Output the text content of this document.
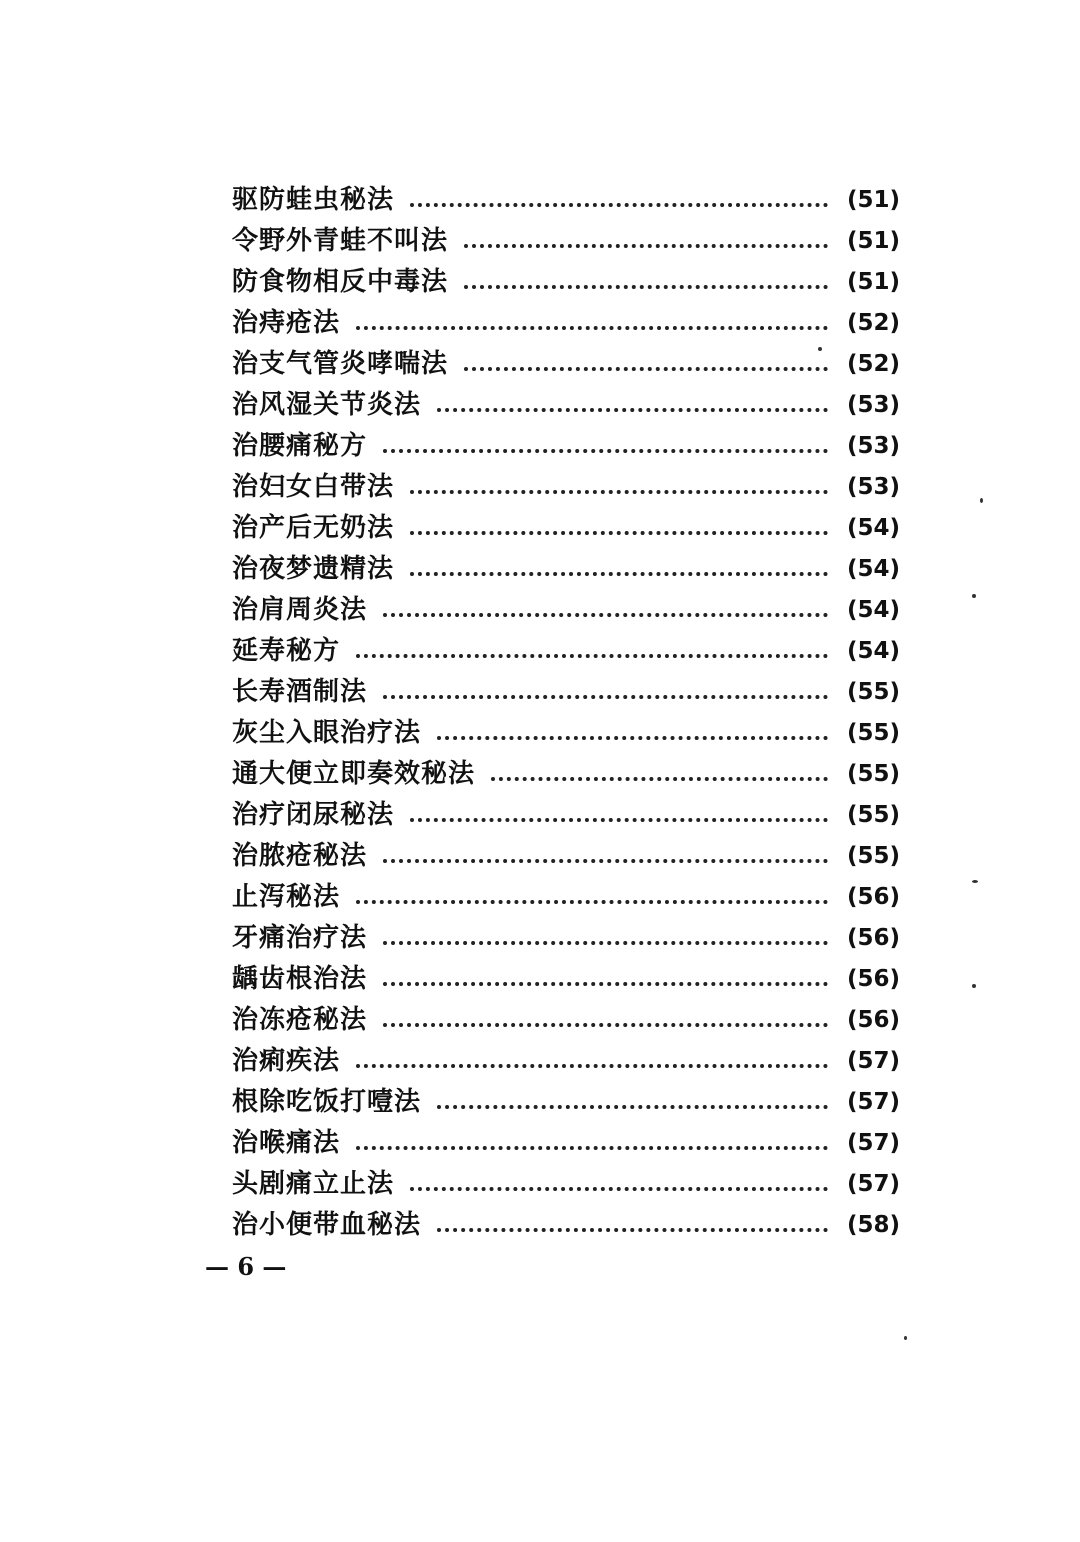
驱防蛙虫秘法	(51)
令野外青蛙不叫法	(51)
防食物相反中毒法	(51)
治痔疮法	(52)
治支气管炎哮喘法	(52)
治风湿关节炎法	(53)
治腰痛秘方	(53)
治妇女白带法	(53)
治产后无奶法	(54)
治夜梦遗精法	(54)
治肩周炎法	(54)
延寿秘方	(54)
长寿酒制法	(55)
灰尘入眼治疗法	(55)
通大便立即奏效秘法	(55)
治疗闭尿秘法	(55)
治脓疮秘法	(55)
止泻秘法	(56)
牙痛治疗法	(56)
龋齿根治法	(56)
治冻疮秘法	(56)
治痢疾法	(57)
根除吃饭打噎法	(57)
治喉痛法	(57)
头剧痛立止法	(57)
治小便带血秘法	(58)
— 6 —
